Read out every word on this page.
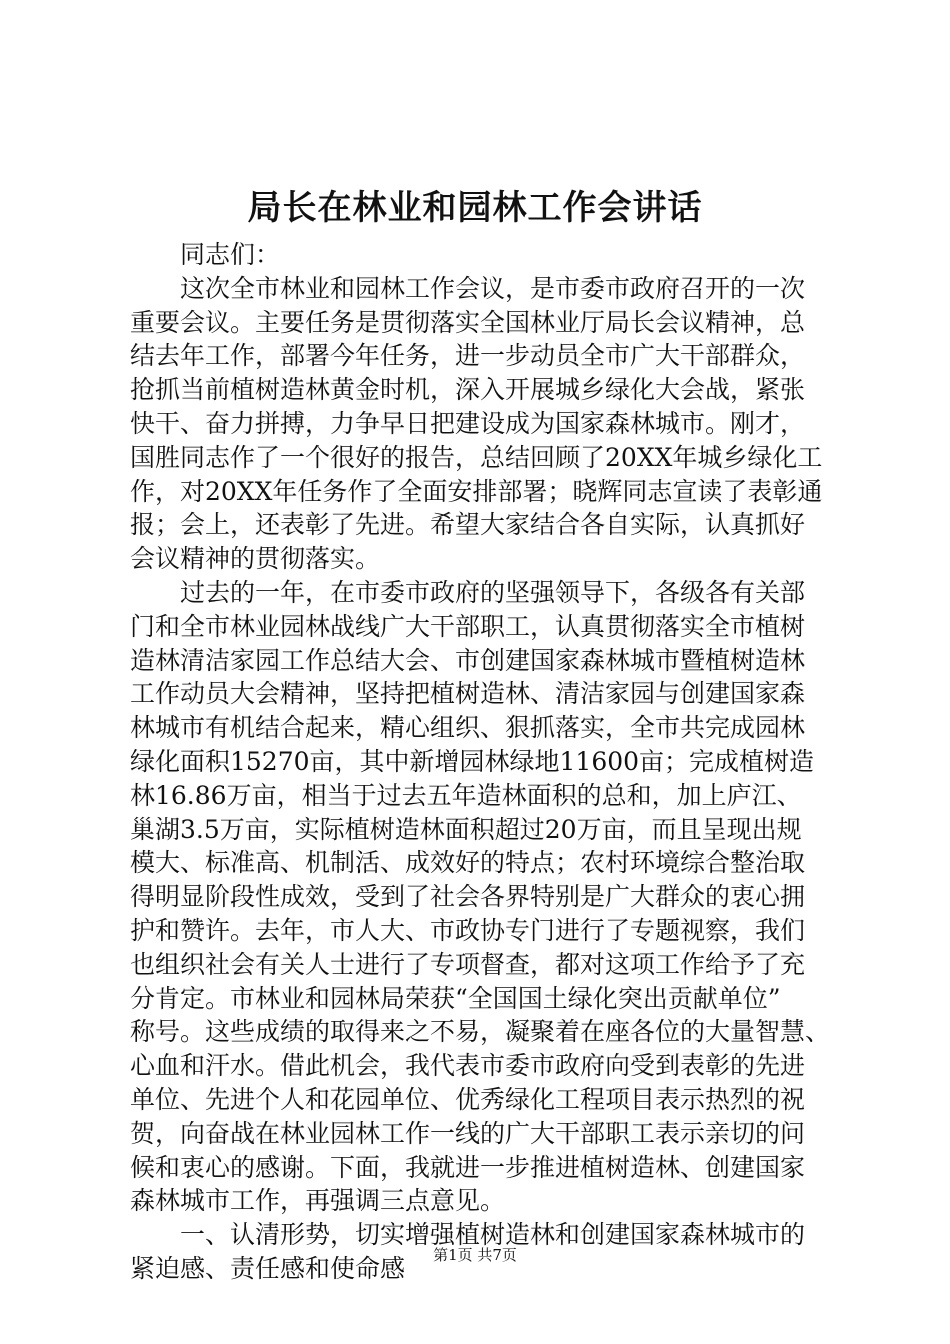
局长在林业和园林工作会讲话
　　同志们：
　　这次全市林业和园林工作会议，是市委市政府召开的一次
重要会议。主要任务是贯彻落实全国林业厅局长会议精神，总
结去年工作，部署今年任务，进一步动员全市广大干部群众，
抢抓当前植树造林黄金时机，深入开展城乡绿化大会战，紧张
快干、奋力拼搏，力争早日把建设成为国家森林城市。刚才，
国胜同志作了一个很好的报告，总结回顾了20XX年城乡绿化工
作，对20XX年任务作了全面安排部署；晓辉同志宣读了表彰通
报；会上，还表彰了先进。希望大家结合各自实际，认真抓好
会议精神的贯彻落实。
　　过去的一年，在市委市政府的坚强领导下，各级各有关部
门和全市林业园林战线广大干部职工，认真贯彻落实全市植树
造林清洁家园工作总结大会、市创建国家森林城市暨植树造林
工作动员大会精神，坚持把植树造林、清洁家园与创建国家森
林城市有机结合起来，精心组织、狠抓落实，全市共完成园林
绿化面积15270亩，其中新增园林绿地11600亩；完成植树造
林16.86万亩，相当于过去五年造林面积的总和，加上庐江、
巢湖3.5万亩，实际植树造林面积超过20万亩，而且呈现出规
模大、标准高、机制活、成效好的特点；农村环境综合整治取
得明显阶段性成效，受到了社会各界特别是广大群众的衷心拥
护和赞许。去年，市人大、市政协专门进行了专题视察，我们
也组织社会有关人士进行了专项督查，都对这项工作给予了充
分肯定。市林业和园林局荣获“全国国土绿化突出贡献单位”
称号。这些成绩的取得来之不易，凝聚着在座各位的大量智慧、
心血和汗水。借此机会，我代表市委市政府向受到表彰的先进
单位、先进个人和花园单位、优秀绿化工程项目表示热烈的祝
贺，向奋战在林业园林工作一线的广大干部职工表示亲切的问
候和衷心的感谢。下面，我就进一步推进植树造林、创建国家
森林城市工作，再强调三点意见。
　　一、认清形势，切实增强植树造林和创建国家森林城市的
紧迫感、责任感和使命感	第1页 共7页
